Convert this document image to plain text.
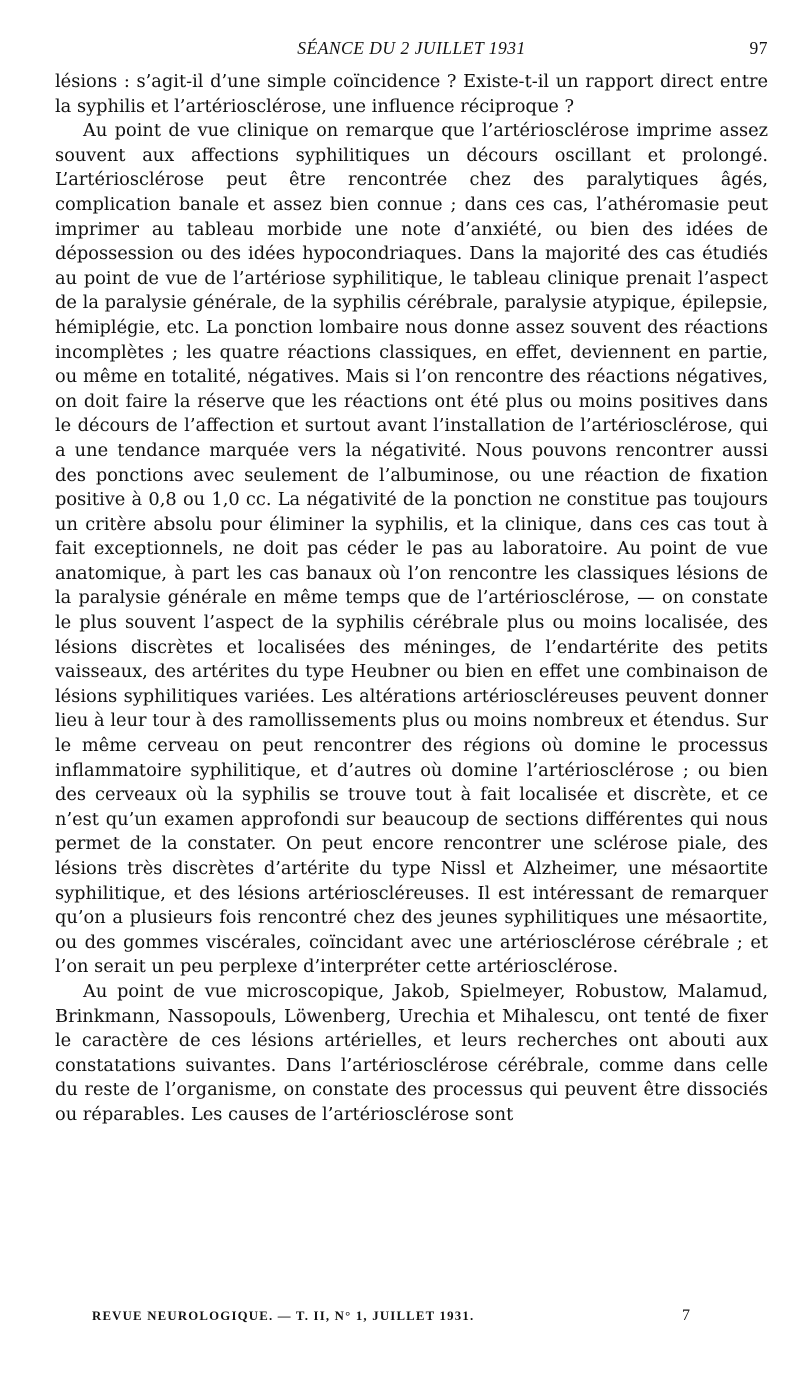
SÉANCE DU 2 JUILLET 1931	97

lésions : s’agit-il d’une simple coïncidence ? Existe-t-il un rapport direct entre la syphilis et l’artériosclérose, une influence réciproque ?

Au point de vue clinique on remarque que l’artériosclérose imprime assez souvent aux affections syphilitiques un décours oscillant et prolongé. L’artériosclérose peut être rencontrée chez des paralytiques âgés, complication banale et assez bien connue ; dans ces cas, l’athéromasie peut imprimer au tableau morbide une note d’anxiété, ou bien des idées de dépossession ou des idées hypocondriaques. Dans la majorité des cas étudiés au point de vue de l’artériose syphilitique, le tableau clinique prenait l’aspect de la paralysie générale, de la syphilis cérébrale, paralysie atypique, épilepsie, hémiplégie, etc. La ponction lombaire nous donne assez souvent des réactions incomplètes ; les quatre réactions classiques, en effet, deviennent en partie, ou même en totalité, négatives. Mais si l’on rencontre des réactions négatives, on doit faire la réserve que les réactions ont été plus ou moins positives dans le décours de l’affection et surtout avant l’installation de l’artériosclérose, qui a une tendance marquée vers la négativité. Nous pouvons rencontrer aussi des ponctions avec seulement de l’albuminose, ou une réaction de fixation positive à 0,8 ou 1,0 cc. La négativité de la ponction ne constitue pas toujours un critère absolu pour éliminer la syphilis, et la clinique, dans ces cas tout à fait exceptionnels, ne doit pas céder le pas au laboratoire. Au point de vue anatomique, à part les cas banaux où l’on rencontre les classiques lésions de la paralysie générale en même temps que de l’artériosclérose, — on constate le plus souvent l’aspect de la syphilis cérébrale plus ou moins localisée, des lésions discrètes et localisées des méninges, de l’endartérite des petits vaisseaux, des artérites du type Heubner ou bien en effet une combinaison de lésions syphilitiques variées. Les altérations artérioscléreuses peuvent donner lieu à leur tour à des ramollissements plus ou moins nombreux et étendus. Sur le même cerveau on peut rencontrer des régions où domine le processus inflammatoire syphilitique, et d’autres où domine l’artériosclérose ; ou bien des cerveaux où la syphilis se trouve tout à fait localisée et discrète, et ce n’est qu’un examen approfondi sur beaucoup de sections différentes qui nous permet de la constater. On peut encore rencontrer une sclérose piale, des lésions très discrètes d’artérite du type Nissl et Alzheimer, une mésaortite syphilitique, et des lésions artérioscléreuses. Il est intéressant de remarquer qu’on a plusieurs fois rencontré chez des jeunes syphilitiques une mésaortite, ou des gommes viscérales, coïncidant avec une artériosclérose cérébrale ; et l’on serait un peu perplexe d’interpréter cette artériosclérose.

Au point de vue microscopique, Jakob, Spielmeyer, Robustow, Malamud, Brinkmann, Nassopouls, Löwenberg, Urechia et Mihalescu, ont tenté de fixer le caractère de ces lésions artérielles, et leurs recherches ont abouti aux constatations suivantes. Dans l’artériosclérose cérébrale, comme dans celle du reste de l’organisme, on constate des processus qui peuvent être dissociés ou réparables. Les causes de l’artériosclérose sont

REVUE NEUROLOGIQUE. — T. II, N° 1, JUILLET 1931.	7
